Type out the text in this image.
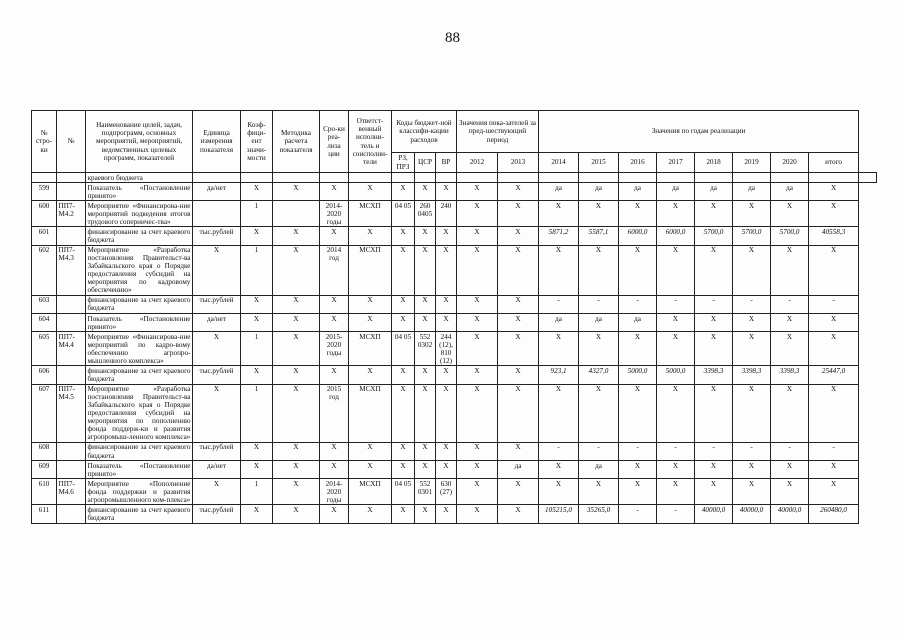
88
№ стро-ки	№	Наименование целей, задач, подпрограмм, основных мероприятий, мероприятий, ведомственных целевых программ, показателей	Единица измерения показателя	Коэф-фици-ент значи-мости	Методика расчета показателя	Сро-ки реа-лиза ции	Ответст-венный исполни-тель и соисполни-тели	Коды бюджет-ной классифи-кации расходов			Значения пока-зателей за пред-шествующий период		Значения по годам реализации								
								РЗ, ПРЗ	ЦСР	ВР	2012	2013	2014	2015	2016	2017	2018	2019	2020	итого	
		краевого бюджета																			
599		Показатель «Постановление принято»	да/нет	X	X	X	X	X	X	X	X	X	да	да	да	да	да	да	да	X	
600	ПП7-М4.2	Мероприятие «Финансирова-ние мероприятий подведения итогов трудового соперничес-тва»		1		2014-2020 годы	МСХП	04 05	260 0405	240	X	X	X	X	X	X	X	X	X	X	
601		финансирование за счет краевого бюджета	тыс.рублей	X	X	X	X	X	X	X	X	X	5871,2	5587,1	6000,0	6000,0	5700,0	5700,0	5700,0	40558,3	
602	ПП7-М4.3	Мероприятие «Разработка постановления Правительст-ва Забайкальского края о Порядке предоставления субсидий на мероприятия по кадровому обеспечению»	X	1	X	2014 год	МСХП	X	X	X	X	X	X	X	X	X	X	X	X	X	
603		финансирование за счет краевого бюджета	тыс.рублей	X	X	X	X	X	X	X	X	X	-	-	-	-	-	-	-	-	
604		Показатель «Постановление принято»	да/нет	X	X	X	X	X	X	X	X	X	да	да	да	X	X	X	X	X	
605	ПП7-М4.4	Мероприятие «Финансирова-ние мероприятий по кадро-вому обеспечению агропро-мышленного комплекса»	X	1	X	2015-2020 годы	МСХП	04 05	552 0302	244 (12), 810 (12)	X	X	X	X	X	X	X	X	X	X	
606		финансирование за счет краевого бюджета	тыс.рублей	X	X	X	X	X	X	X	X	X	923,1	4327,0	5000,0	5000,0	3398,3	3398,3	3398,3	25447,0	
607	ПП7-М4.5	Мероприятие «Разработка постановления Правительст-ва Забайкальского края о Порядке предоставления субсидий на мероприятия по пополнению фонда поддерж-ки и развития агропромыш-ленного комплекса»	X	1	X	2015 год	МСХП	X	X	X	X	X	X	X	X	X	X	X	X	X	
608		финансирование за счет краевого бюджета	тыс.рублей	X	X	X	X	X	X	X	X	X	-	-	-	-	-	-	-	-	
609		Показатель «Постановление принято»	да/нет	X	X	X	X	X	X	X	X	да	X	да	X	X	X	X	X	X	
610	ПП7-М4.6	Мероприятие «Пополнение фонда поддержки и развития агропромышленного ком-плекса»	X	1	X	2014-2020 годы	МСХП	04 05	552 0301	630 (27)	X	X	X	X	X	X	X	X	X	X	
611		финансирование за счет краевого бюджета	тыс.рублей	X	X	X	X	X	X	X	X	X	105215,0	35265,0	-	-	40000,0	40000,0	40000,0	260480,0	
